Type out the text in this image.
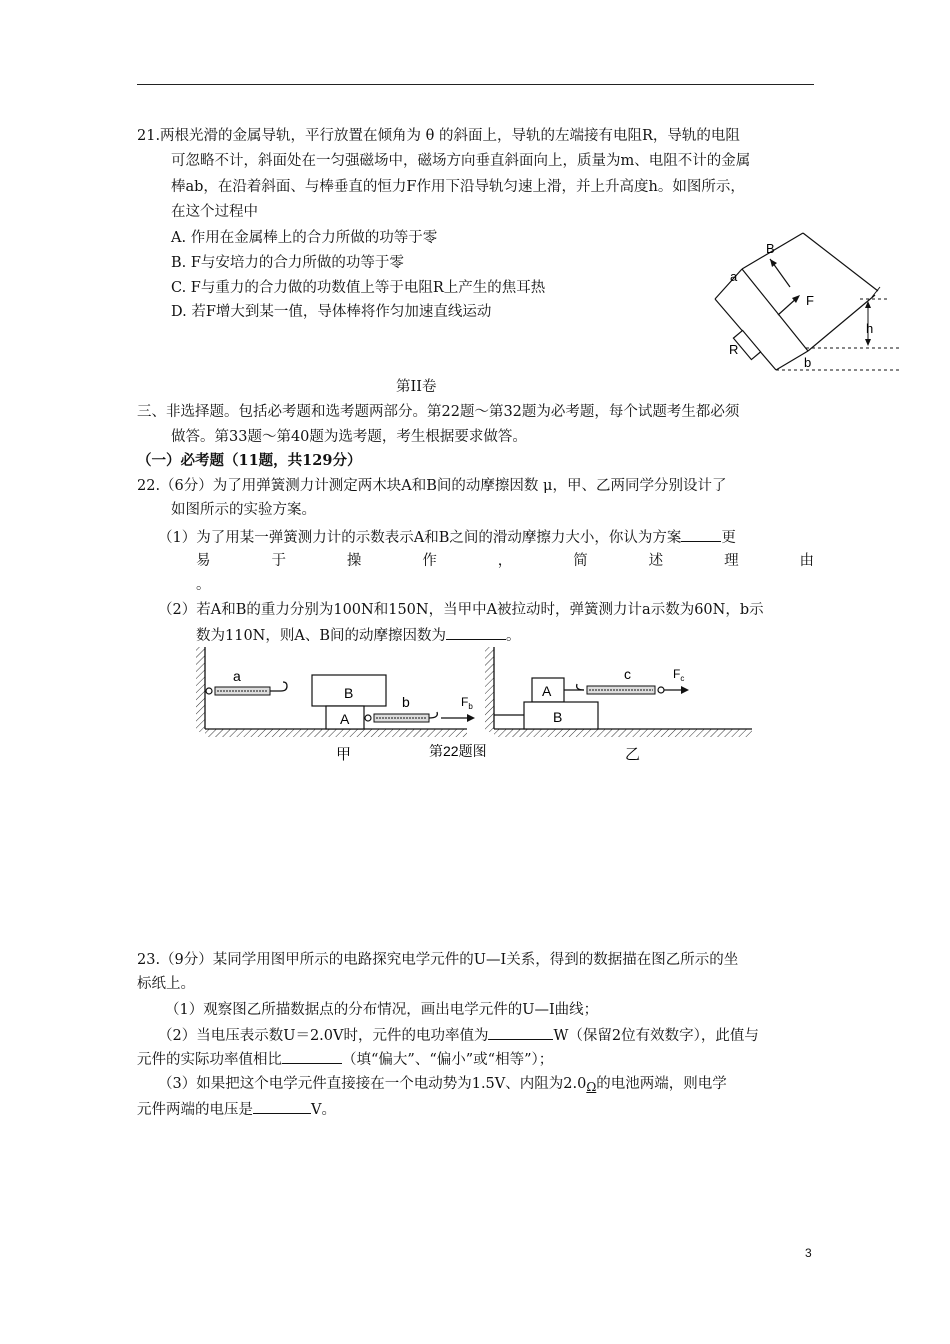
21.两根光滑的金属导轨，平行放置在倾角为 θ 的斜面上，导轨的左端接有电阻R，导轨的电阻
可忽略不计，斜面处在一匀强磁场中，磁场方向垂直斜面向上，质量为m、电阻不计的金属
棒ab，在沿着斜面、与棒垂直的恒力F作用下沿导轨匀速上滑，并上升高度h。如图所示，
在这个过程中
A. 作用在金属棒上的合力所做的功等于零
B. F与安培力的合力所做的功等于零
C. F与重力的合力做的功数值上等于电阻R上产生的焦耳热
D. 若F增大到某一值，导体棒将作匀加速直线运动
B
a
F
h
R
b
第II卷
三、非选择题。包括必考题和选考题两部分。第22题～第32题为必考题，每个试题考生都必须
做答。第33题～第40题为选考题，考生根据要求做答。
（一）必考题（11题，共129分）
22.（6分）为了用弹簧测力计测定两木块A和B间的动摩擦因数 μ，甲、乙两同学分别设计了
如图所示的实验方案。
（1）为了用某一弹簧测力计的示数表示A和B之间的滑动摩擦力大小，你认为方案	更
易	于	操	作	，	简	述	理	由
。
（2）若A和B的重力分别为100N和150N，当甲中A被拉动时，弹簧测力计a示数为60N，b示
数为110N，则A、B间的动摩擦因数为	。
B
A
a
b	$F_b$
A
B
c	$F_c$
甲	第22题图	乙
23.（9分）某同学用图甲所示的电路探究电学元件的U—I关系，得到的数据描在图乙所示的坐
标纸上。
（1）观察图乙所描数据点的分布情况，画出电学元件的U—I曲线；
（2）当电压表示数U＝2.0V时，元件的电功率值为	W（保留2位有效数字），此值与
元件的实际功率值相比	（填“偏大”、“偏小”或“相等”）；
（3）如果把这个电学元件直接接在一个电动势为1.5V、内阻为$2.0_\Omega$的电池两端，则电学
元件两端的电压是	V。
3
